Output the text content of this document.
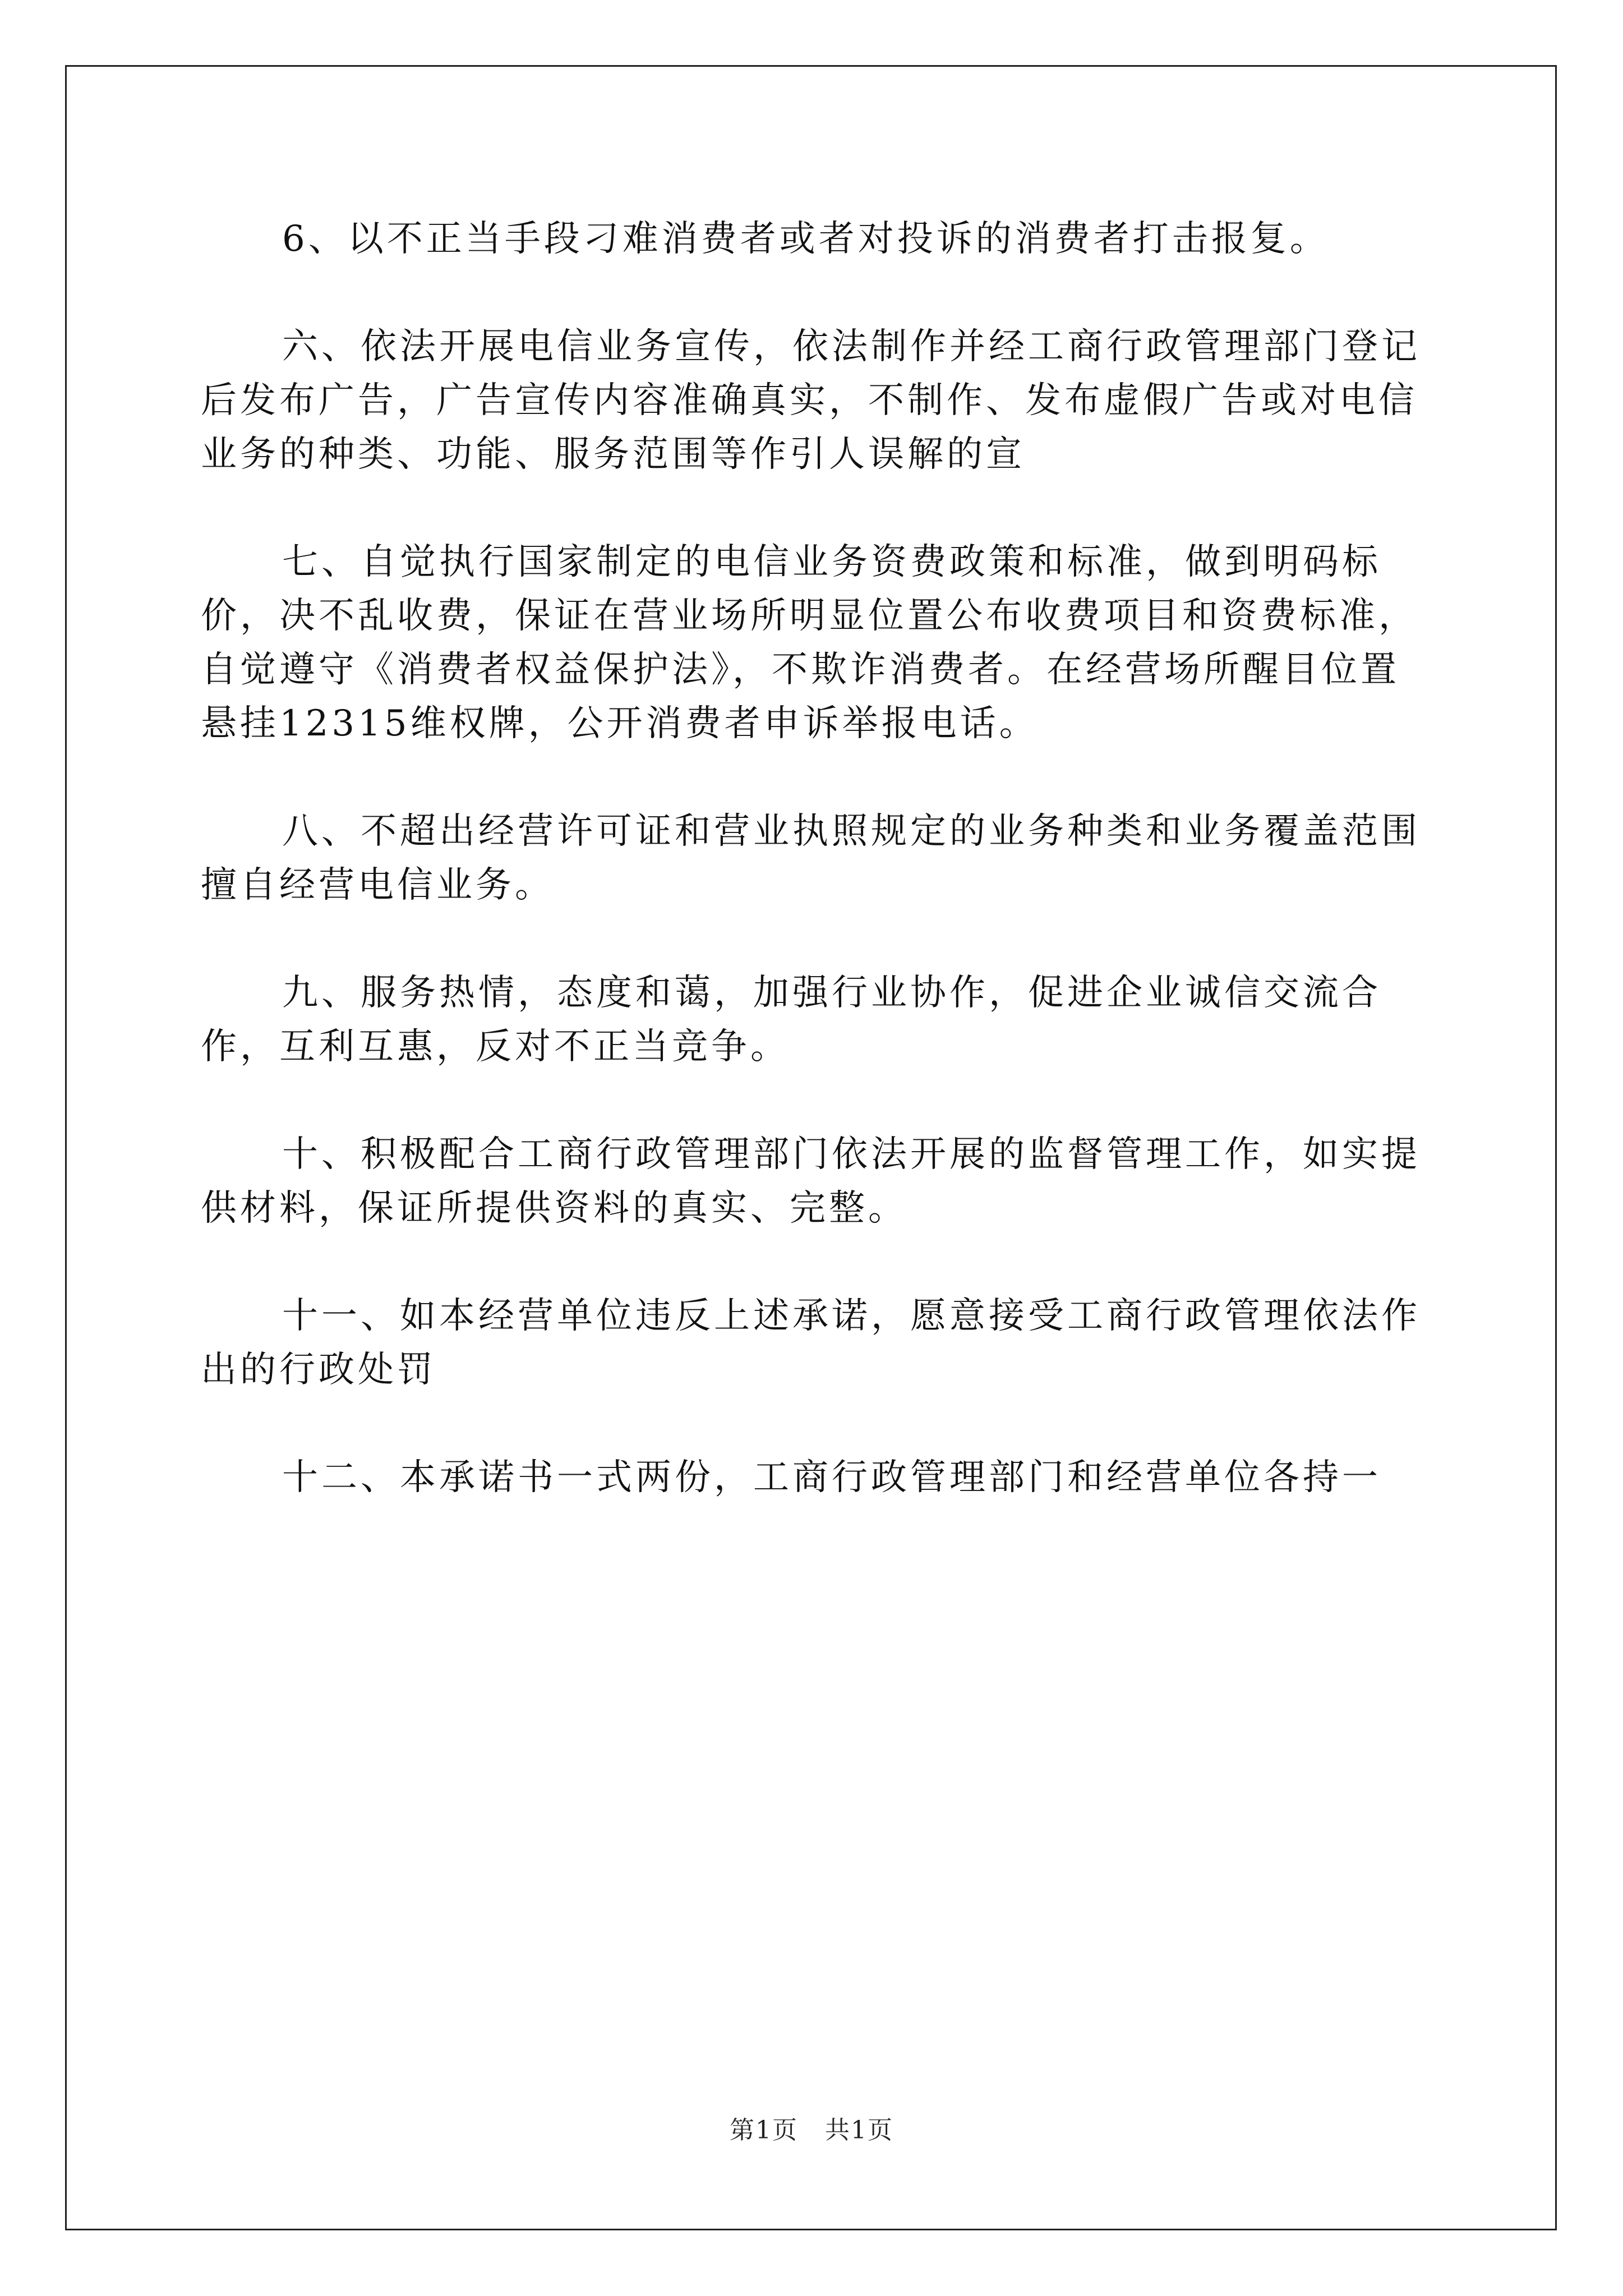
6、以不正当手段刁难消费者或者对投诉的消费者打击报复。

六、依法开展电信业务宣传，依法制作并经工商行政管理部门登记后发布广告，广告宣传内容准确真实，不制作、发布虚假广告或对电信业务的种类、功能、服务范围等作引人误解的宣

七、自觉执行国家制定的电信业务资费政策和标准，做到明码标价，决不乱收费，保证在营业场所明显位置公布收费项目和资费标准，自觉遵守《消费者权益保护法》，不欺诈消费者。在经营场所醒目位置悬挂12315维权牌，公开消费者申诉举报电话。

八、不超出经营许可证和营业执照规定的业务种类和业务覆盖范围擅自经营电信业务。

九、服务热情，态度和蔼，加强行业协作，促进企业诚信交流合作，互利互惠，反对不正当竞争。

十、积极配合工商行政管理部门依法开展的监督管理工作，如实提供材料，保证所提供资料的真实、完整。

十一、如本经营单位违反上述承诺，愿意接受工商行政管理依法作出的行政处罚

十二、本承诺书一式两份，工商行政管理部门和经营单位各持一

第1页 共1页
